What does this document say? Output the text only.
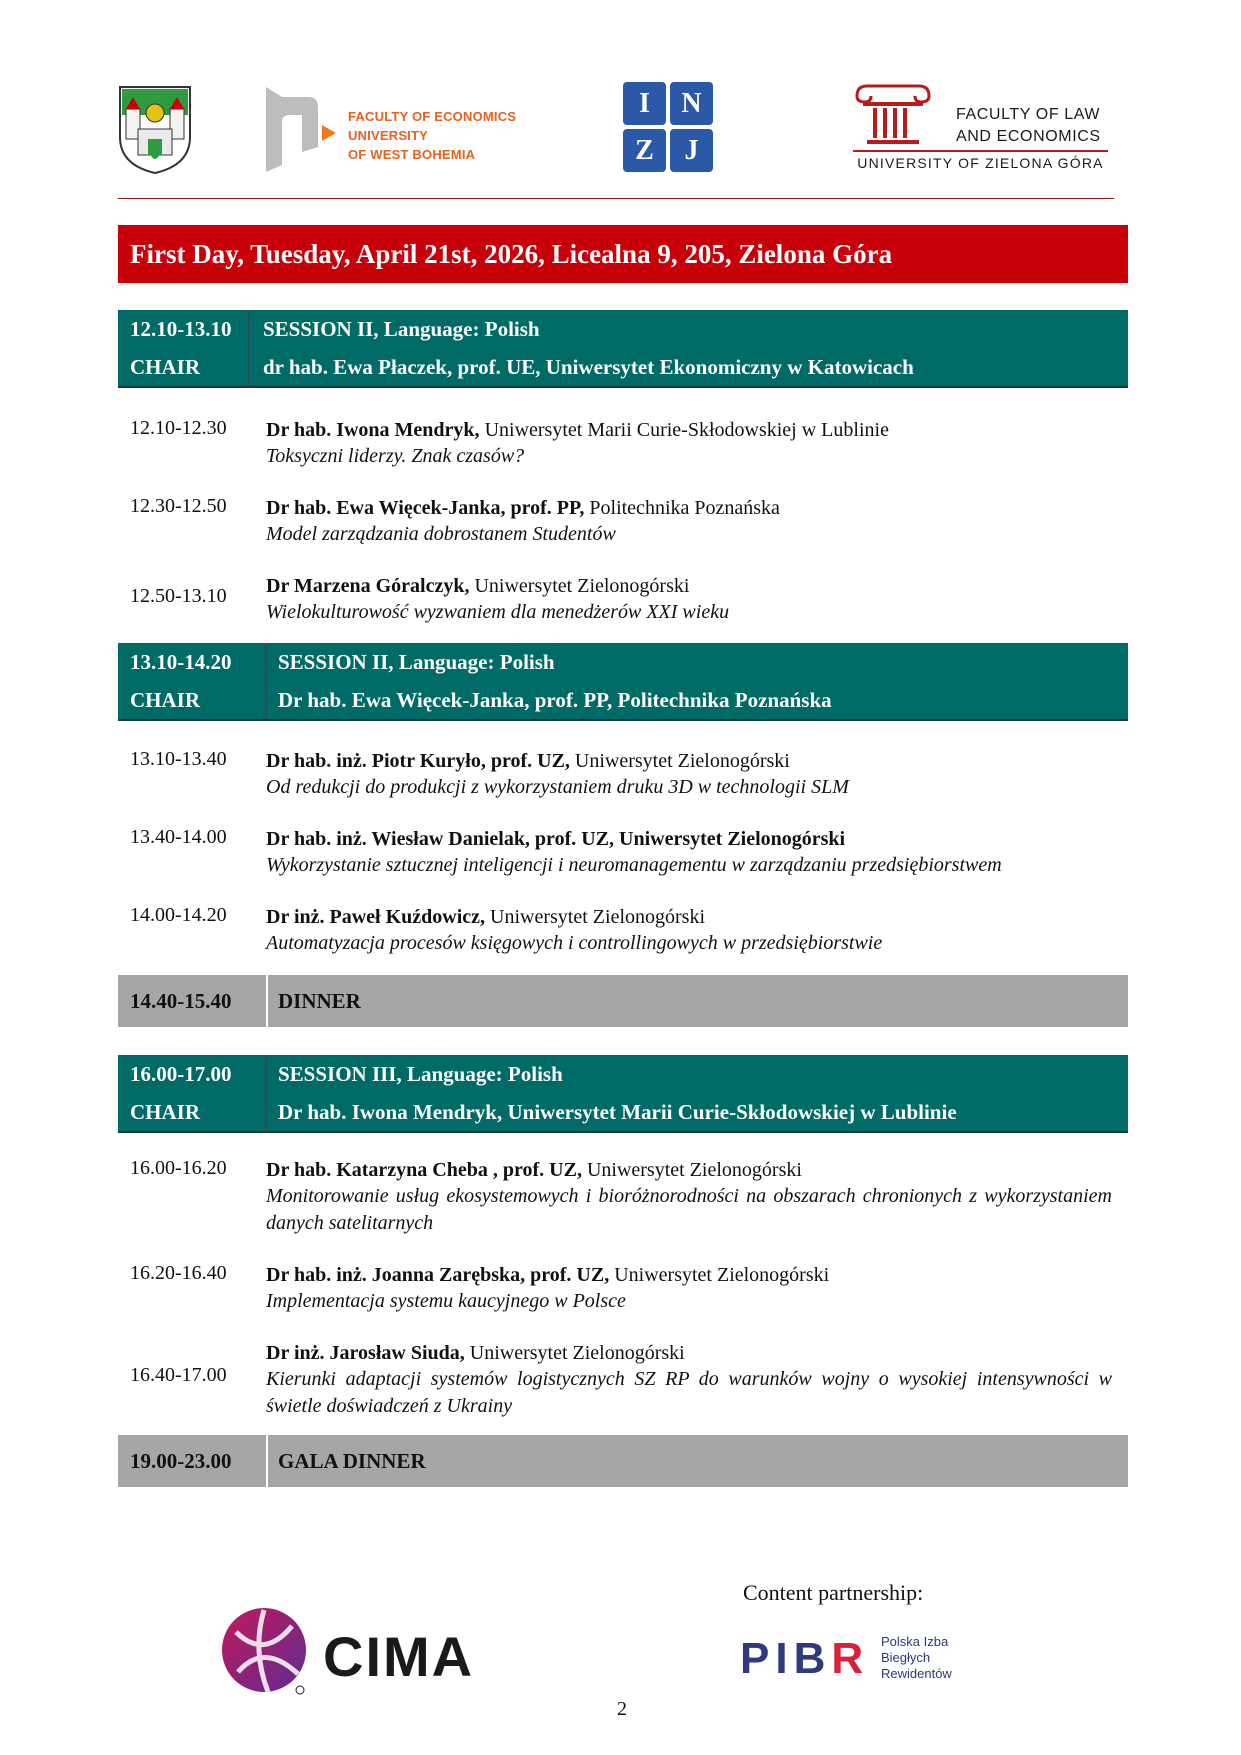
FACULTY OF ECONOMICS
UNIVERSITY
OF WEST BOHEMIA
I	N
Z	J
FACULTY OF LAW
AND ECONOMICS
UNIVERSITY OF ZIELONA GÓRA
First Day, Tuesday, April 21st, 2026, Licealna 9, 205, Zielona Góra
12.10-13.10 SESSION II, Language: Polish
CHAIR	dr hab. Ewa Płaczek, prof. UE, Uniwersytet Ekonomiczny w Katowicach
12.10-12.30 Dr hab. Iwona Mendryk, Uniwersytet Marii Curie-Skłodowskiej w Lublinie
Toksyczni liderzy. Znak czasów?
12.30-12.50 Dr hab. Ewa Więcek-Janka, prof. PP, Politechnika Poznańska
Model zarządzania dobrostanem Studentów
12.50-13.10 Dr Marzena Góralczyk, Uniwersytet Zielonogórski
Wielokulturowość wyzwaniem dla menedżerów XXI wieku
13.10-14.20 SESSION II, Language: Polish
CHAIR	Dr hab. Ewa Więcek-Janka, prof. PP, Politechnika Poznańska
13.10-13.40 Dr hab. inż. Piotr Kuryło, prof. UZ, Uniwersytet Zielonogórski
Od redukcji do produkcji z wykorzystaniem druku 3D w technologii SLM
13.40-14.00 Dr hab. inż. Wiesław Danielak, prof. UZ, Uniwersytet Zielonogórski
Wykorzystanie sztucznej inteligencji i neuromanagementu w zarządzaniu przedsiębiorstwem
14.00-14.20 Dr inż. Paweł Kuźdowicz, Uniwersytet Zielonogórski
Automatyzacja procesów księgowych i controllingowych w przedsiębiorstwie
14.40-15.40 DINNER
16.00-17.00 SESSION III, Language: Polish
CHAIR	Dr hab. Iwona Mendryk, Uniwersytet Marii Curie-Skłodowskiej w Lublinie
16.00-16.20 Dr hab. Katarzyna Cheba , prof. UZ, Uniwersytet Zielonogórski
Monitorowanie usług ekosystemowych i bioróżnorodności na obszarach chronionych z wykorzystaniem danych satelitarnych
16.20-16.40 Dr hab. inż. Joanna Zarębska, prof. UZ, Uniwersytet Zielonogórski
Implementacja systemu kaucyjnego w Polsce
16.40-17.00
Dr inż. Jarosław Siuda, Uniwersytet Zielonogórski
Kierunki adaptacji systemów logistycznych SZ RP do warunków wojny o wysokiej intensywności w świetle doświadczeń z Ukrainy
19.00-23.00 GALA DINNER
Content partnership:
CIMA	PIBR Polska Izba
Biegłych
Rewidentów
2
